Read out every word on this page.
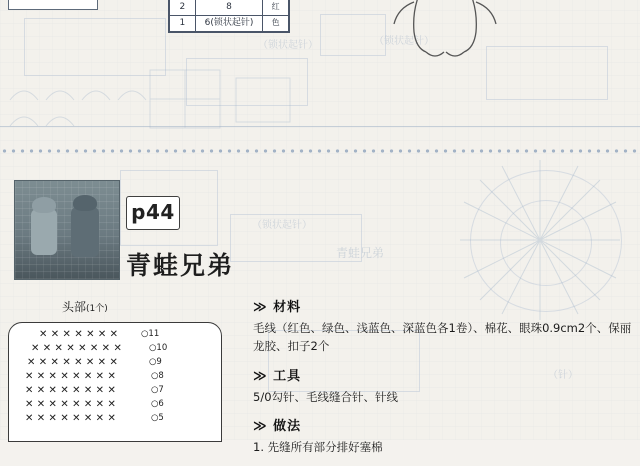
（锁状起针）	（锁状起针）
（锁状起针）
（针）
青蛙兄弟

2	8	红
1	6(锁状起针)	色
p44
青蛙兄弟
头部(1个)
✕✕✕✕✕✕✕ ○11
✕✕✕✕✕✕✕✕	○10
✕✕✕✕✕✕✕✕	○9
✕✕✕✕✕✕✕✕	○8
✕✕✕✕✕✕✕✕	○7
✕✕✕✕✕✕✕✕	○6
✕✕✕✕✕✕✕✕	○5
≫ 材料
毛线（红色、绿色、浅蓝色、深蓝色各1卷）、棉花、眼珠0.9cm2个、保丽龙胶、扣子2个
≫ 工具
5/0勾针、毛线缝合针、针线
≫ 做法
1. 先缝所有部分排好塞棉
